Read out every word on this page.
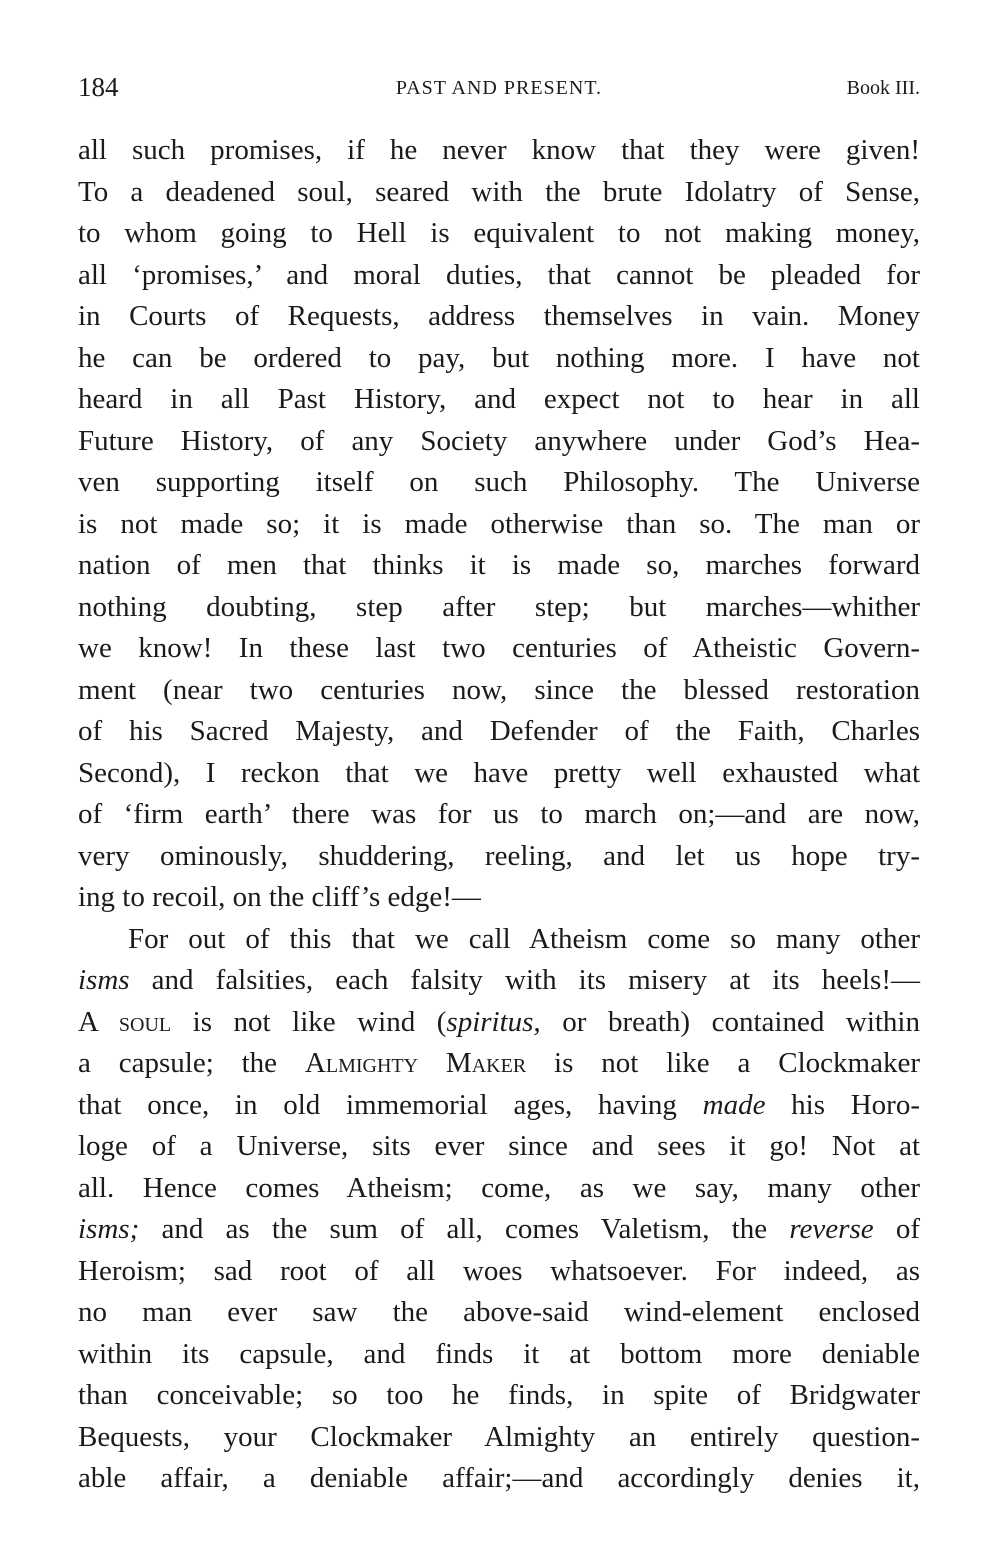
184	PAST AND PRESENT.	Book III.
all such promises, if he never know that they were given!
To a deadened soul, seared with the brute Idolatry of Sense,
to whom going to Hell is equivalent to not making money,
all ‘promises,’ and moral duties, that cannot be pleaded for
in Courts of Requests, address themselves in vain. Money
he can be ordered to pay, but nothing more. I have not
heard in all Past History, and expect not to hear in all
Future History, of any Society anywhere under God’s Hea-
ven supporting itself on such Philosophy. The Universe
is not made so; it is made otherwise than so. The man or
nation of men that thinks it is made so, marches forward
nothing doubting, step after step; but marches—whither
we know! In these last two centuries of Atheistic Govern-
ment (near two centuries now, since the blessed restoration
of his Sacred Majesty, and Defender of the Faith, Charles
Second), I reckon that we have pretty well exhausted what
of ‘firm earth’ there was for us to march on;—and are now,
very ominously, shuddering, reeling, and let us hope try-
ing to recoil, on the cliff’s edge!—
For out of this that we call Atheism come so many other
isms and falsities, each falsity with its misery at its heels!—
A soul is not like wind (spiritus, or breath) contained within
a capsule; the Almighty Maker is not like a Clockmaker
that once, in old immemorial ages, having made his Horo-
loge of a Universe, sits ever since and sees it go! Not at
all. Hence comes Atheism; come, as we say, many other
isms; and as the sum of all, comes Valetism, the reverse of
Heroism; sad root of all woes whatsoever. For indeed, as
no man ever saw the above-said wind-element enclosed
within its capsule, and finds it at bottom more deniable
than conceivable; so too he finds, in spite of Bridgwater
Bequests, your Clockmaker Almighty an entirely question-
able affair, a deniable affair;—and accordingly denies it,
